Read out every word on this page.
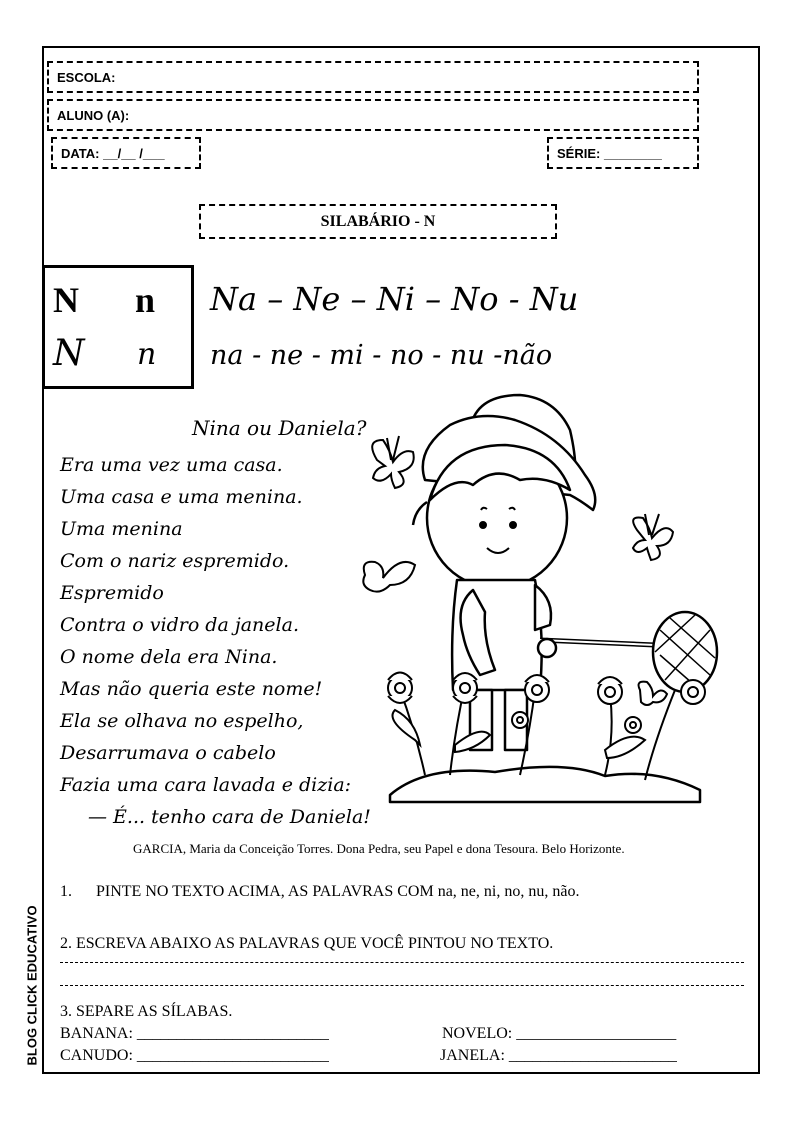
ESCOLA:
ALUNO (A):
DATA: __/__ /___	SÉRIE: ________
SILABÁRIO - N
N n
N n
Na – Ne – Ni – No - Nu
na - ne - mi - no - nu -não
Nina ou Daniela?
Era uma vez uma casa.
Uma casa e uma menina.
Uma menina
Com o nariz espremido.
Espremido
Contra o vidro da janela.
O nome dela era Nina.
Mas não queria este nome!
Ela se olhava no espelho,
Desarrumava o cabelo
Fazia uma cara lavada e dizia:
— É... tenho cara de Daniela!
GARCIA, Maria da Conceição Torres. Dona Pedra, seu Papel e dona Tesoura. Belo Horizonte.
1. PINTE NO TEXTO ACIMA, AS PALAVRAS COM na, ne, ni, no, nu, não.
2. ESCREVA ABAIXO AS PALAVRAS QUE VOCÊ PINTOU NO TEXTO.
3. SEPARE AS SÍLABAS.
BANANA: ________________________	NOVELO: ____________________
CANUDO: ________________________	JANELA: _____________________
BLOG CLICK EDUCATIVO
